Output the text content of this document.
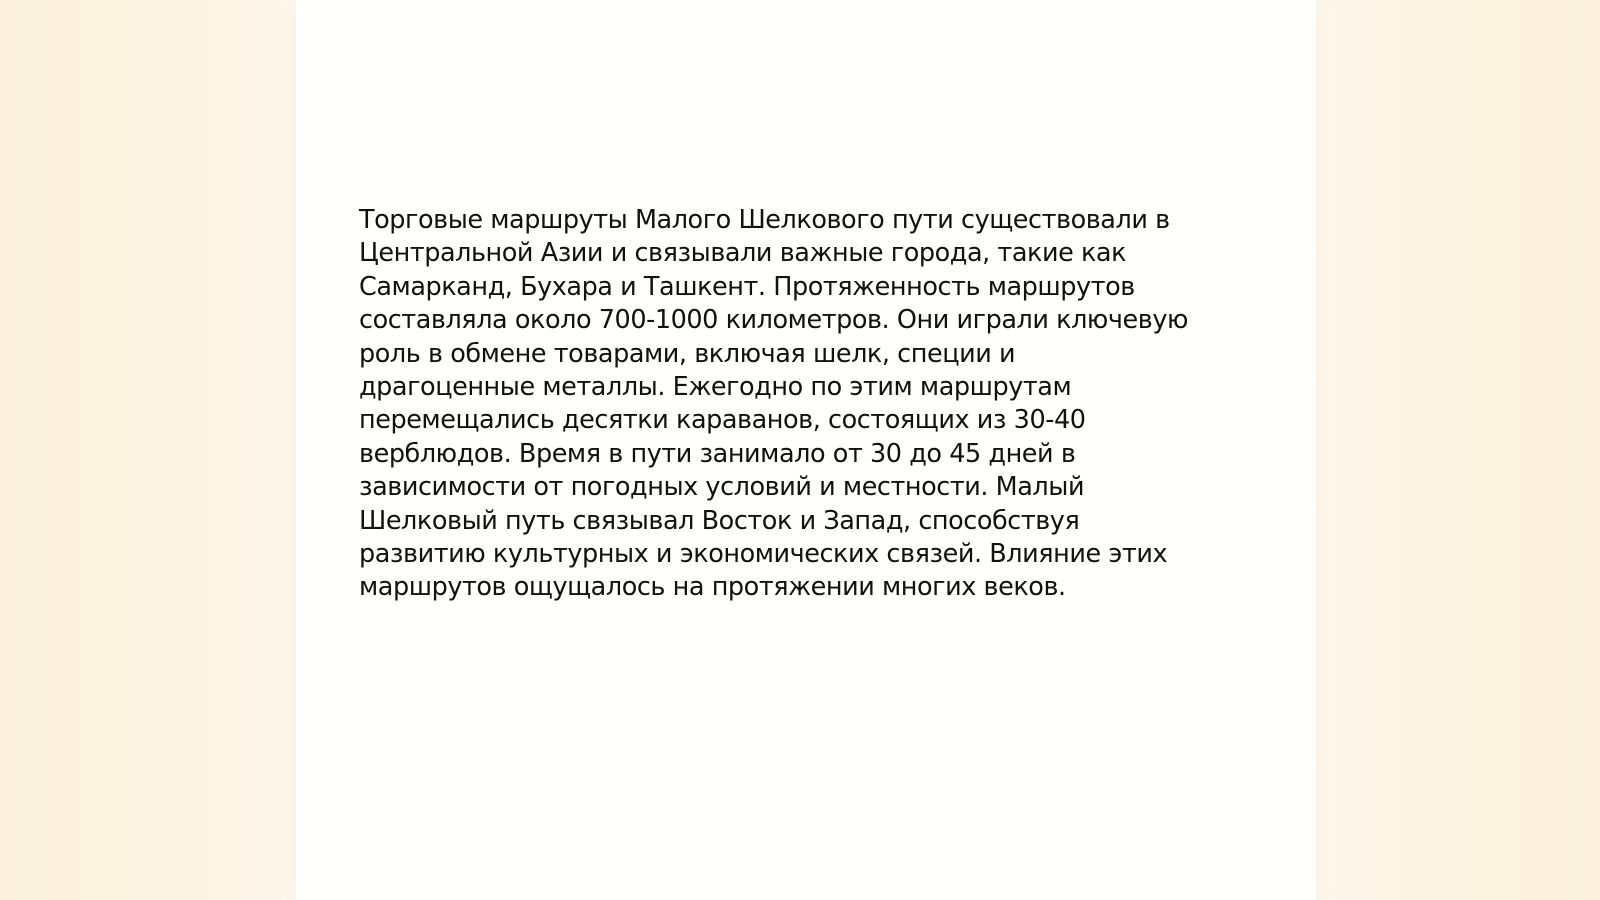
Торговые маршруты Малого Шелкового пути существовали в
Центральной Азии и связывали важные города, такие как
Самарканд, Бухара и Ташкент. Протяженность маршрутов
составляла около 700-1000 километров. Они играли ключевую
роль в обмене товарами, включая шелк, специи и
драгоценные металлы. Ежегодно по этим маршрутам
перемещались десятки караванов, состоящих из 30-40
верблюдов. Время в пути занимало от 30 до 45 дней в
зависимости от погодных условий и местности. Малый
Шелковый путь связывал Восток и Запад, способствуя
развитию культурных и экономических связей. Влияние этих
маршрутов ощущалось на протяжении многих веков.
